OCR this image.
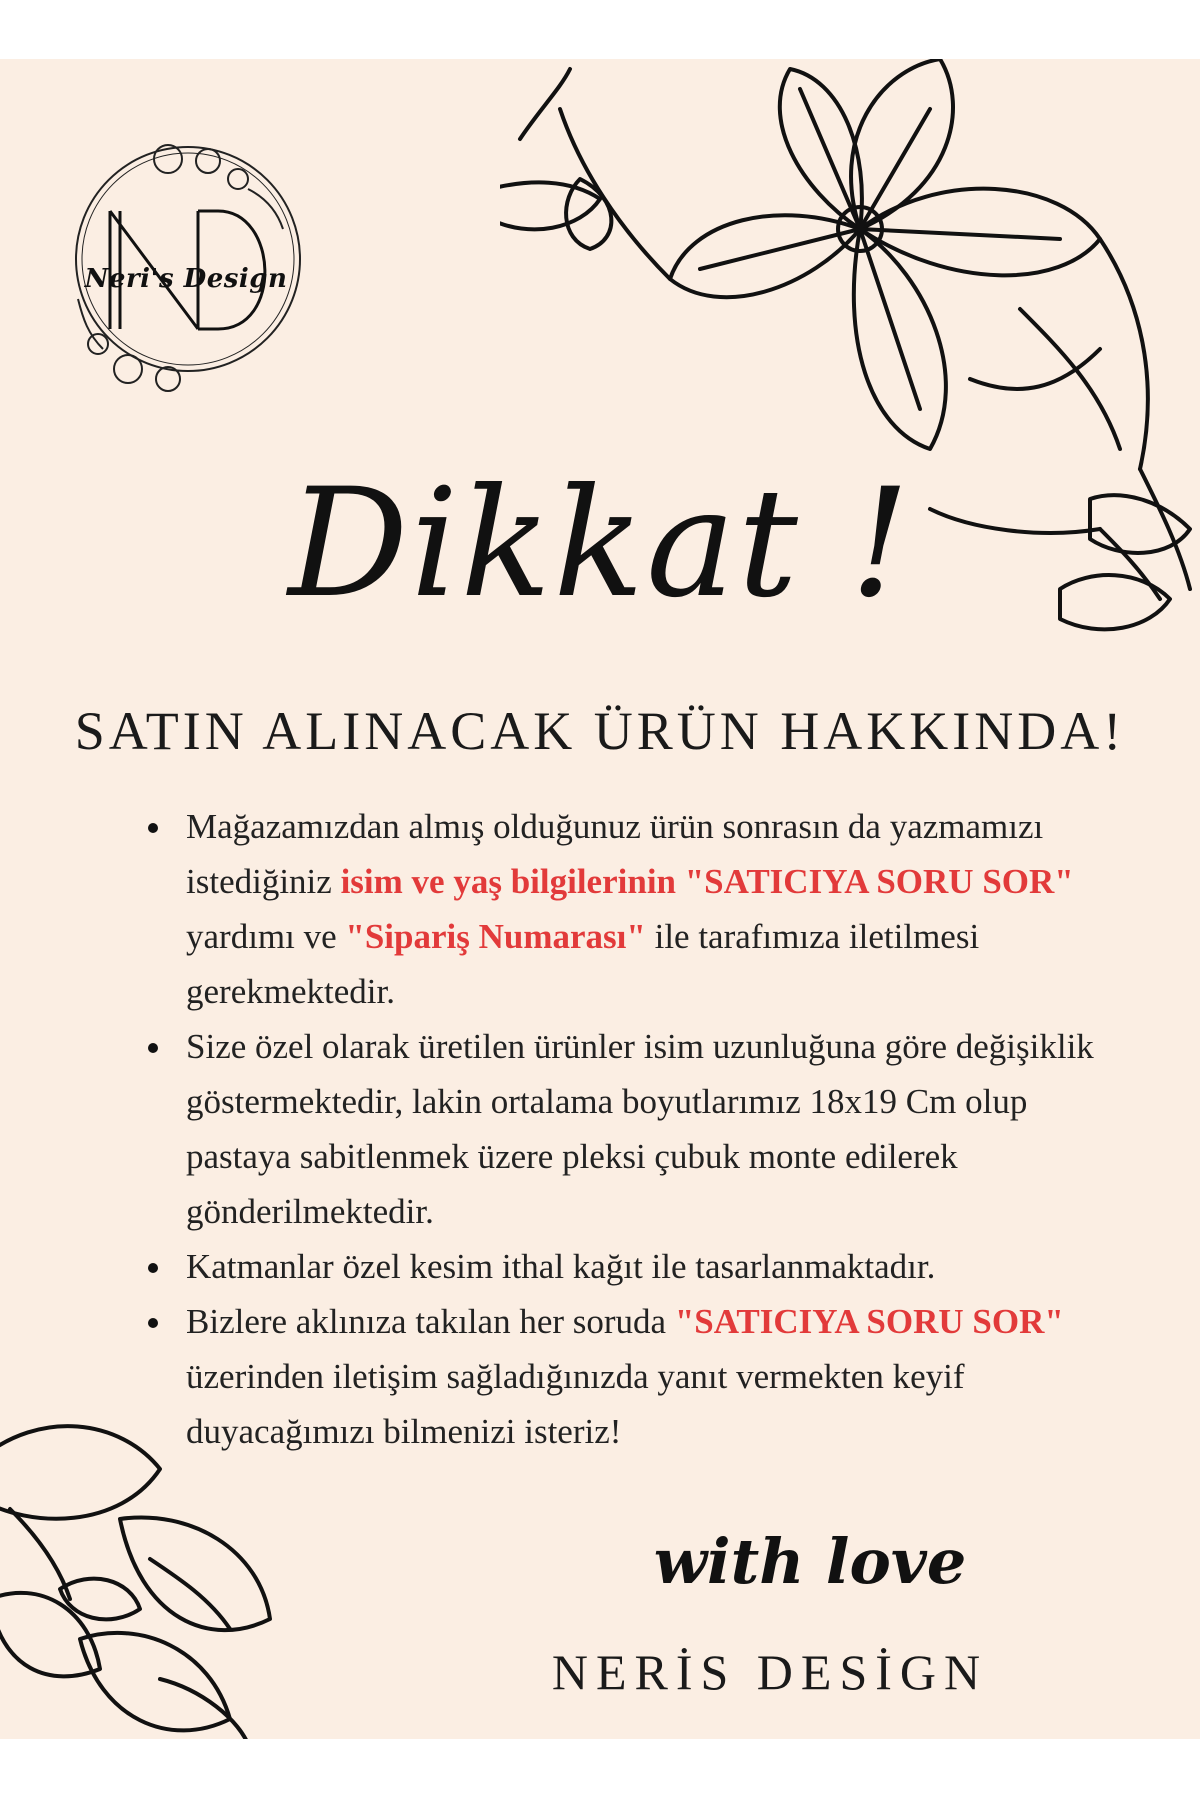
Neri's Design
Dikkat !
SATIN ALINACAK ÜRÜN HAKKINDA!
Mağazamızdan almış olduğunuz ürün sonrasın da yazmamızı istediğiniz isim ve yaş bilgilerinin "SATICIYA SORU SOR" yardımı ve "Sipariş Numarası" ile tarafımıza iletilmesi gerekmektedir.
Size özel olarak üretilen ürünler isim uzunluğuna göre değişiklik göstermektedir, lakin ortalama boyutlarımız 18x19 Cm olup pastaya sabitlenmek üzere pleksi çubuk monte edilerek gönderilmektedir.
Katmanlar özel kesim ithal kağıt ile tasarlanmaktadır.
Bizlere aklınıza takılan her soruda "SATICIYA SORU SOR" üzerinden iletişim sağladığınızda yanıt vermekten keyif duyacağımızı bilmenizi isteriz!
with love
NERİS DESİGN
